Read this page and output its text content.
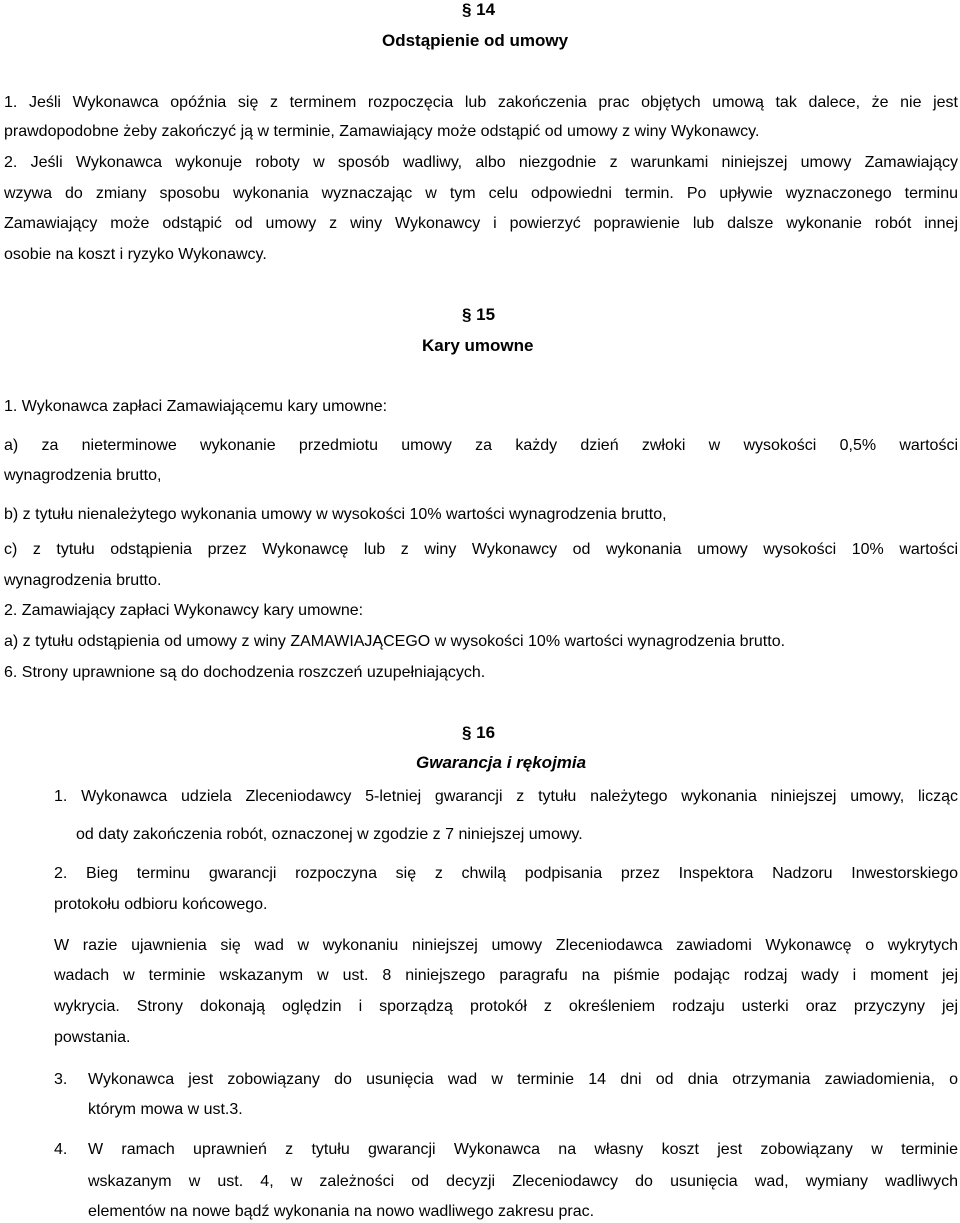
§ 14
Odstąpienie od umowy
1. Jeśli Wykonawca opóźnia się z terminem rozpoczęcia lub zakończenia prac objętych umową tak dalece, że nie jest
prawdopodobne żeby zakończyć ją w terminie, Zamawiający może odstąpić od umowy z winy Wykonawcy.
2. Jeśli Wykonawca wykonuje roboty w sposób wadliwy, albo niezgodnie z warunkami niniejszej umowy Zamawiający
wzywa do zmiany sposobu wykonania wyznaczając w tym celu odpowiedni termin. Po upływie wyznaczonego terminu
Zamawiający może odstąpić od umowy z winy Wykonawcy i powierzyć poprawienie lub dalsze wykonanie robót innej
osobie na koszt i ryzyko Wykonawcy.
§ 15
Kary umowne
1. Wykonawca zapłaci Zamawiającemu kary umowne:
a) za nieterminowe wykonanie przedmiotu umowy za każdy dzień zwłoki w wysokości 0,5% wartości
wynagrodzenia brutto,
b) z tytułu nienależytego wykonania umowy w wysokości 10% wartości wynagrodzenia brutto,
c) z tytułu odstąpienia przez Wykonawcę lub z winy Wykonawcy od wykonania umowy wysokości 10% wartości
wynagrodzenia brutto.
2. Zamawiający zapłaci Wykonawcy kary umowne:
a) z tytułu odstąpienia od umowy z winy ZAMAWIAJĄCEGO w wysokości 10% wartości wynagrodzenia brutto.
6. Strony uprawnione są do dochodzenia roszczeń uzupełniających.
§ 16
Gwarancja i rękojmia
1. Wykonawca udziela Zleceniodawcy 5-letniej gwarancji z tytułu należytego wykonania niniejszej umowy, licząc
od daty zakończenia robót, oznaczonej w zgodzie z 7 niniejszej umowy.
2. Bieg terminu gwarancji rozpoczyna się z chwilą podpisania przez Inspektora Nadzoru Inwestorskiego
protokołu odbioru końcowego.
W razie ujawnienia się wad w wykonaniu niniejszej umowy Zleceniodawca zawiadomi Wykonawcę o wykrytych
wadach w terminie wskazanym w ust. 8 niniejszego paragrafu na piśmie podając rodzaj wady i moment jej
wykrycia. Strony dokonają oględzin i sporządzą protokół z określeniem rodzaju usterki oraz przyczyny jej
powstania.
3. Wykonawca jest zobowiązany do usunięcia wad w terminie 14 dni od dnia otrzymania zawiadomienia, o
którym mowa w ust.3.
4. W ramach uprawnień z tytułu gwarancji Wykonawca na własny koszt jest zobowiązany w terminie
wskazanym w ust. 4, w zależności od decyzji Zleceniodawcy do usunięcia wad, wymiany wadliwych
elementów na nowe bądź wykonania na nowo wadliwego zakresu prac.
